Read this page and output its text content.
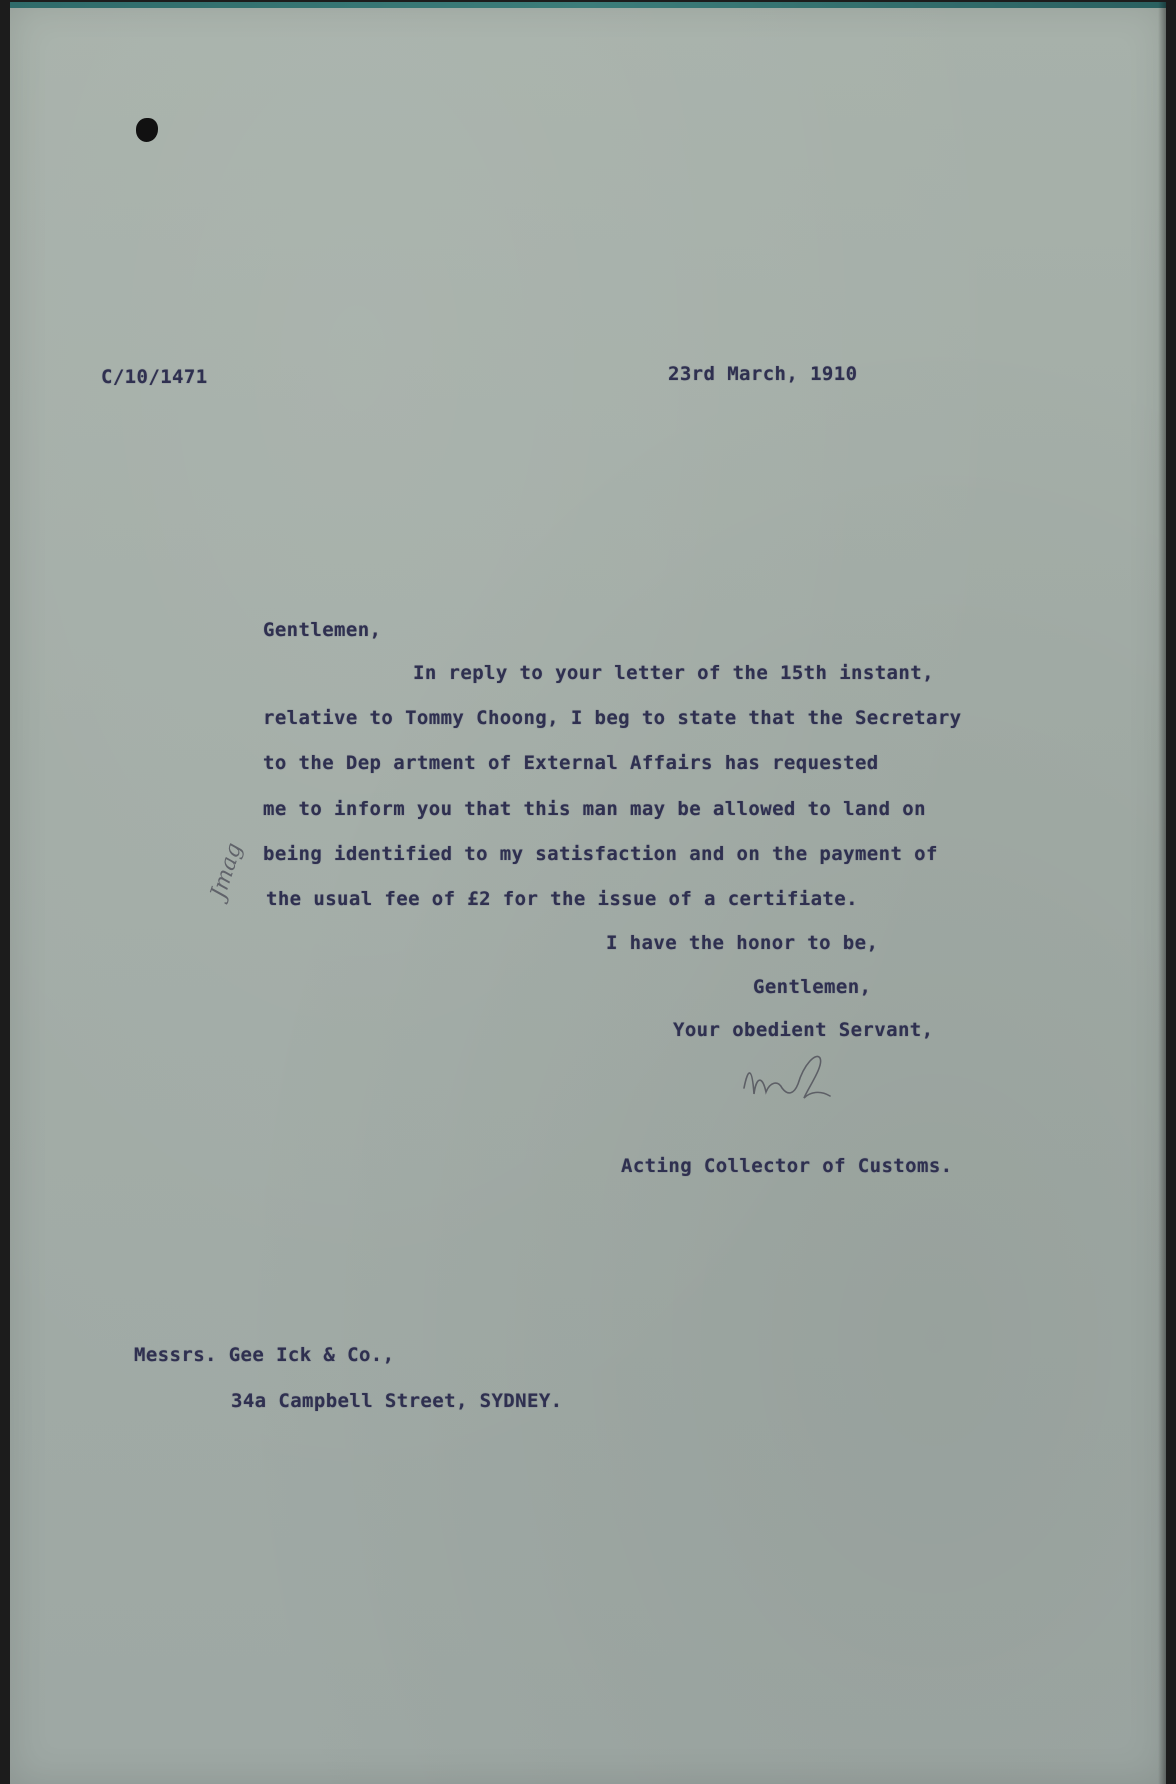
C/10/1471	23rd March, 1910
Gentlemen,
In reply to your letter of the 15th instant,
relative to Tommy Choong, I beg to state that the Secretary
to the Dep artment of External Affairs has requested
me to inform you that this man may be allowed to land on
being identified to my satisfaction and on the payment of
the usual fee of £2 for the issue of a certifiate.
I have the honor to be,
Gentlemen,
Your obedient Servant,
Acting Collector of Customs.
Messrs. Gee Ick & Co.,
34a Campbell Street, SYDNEY.
Jmag
